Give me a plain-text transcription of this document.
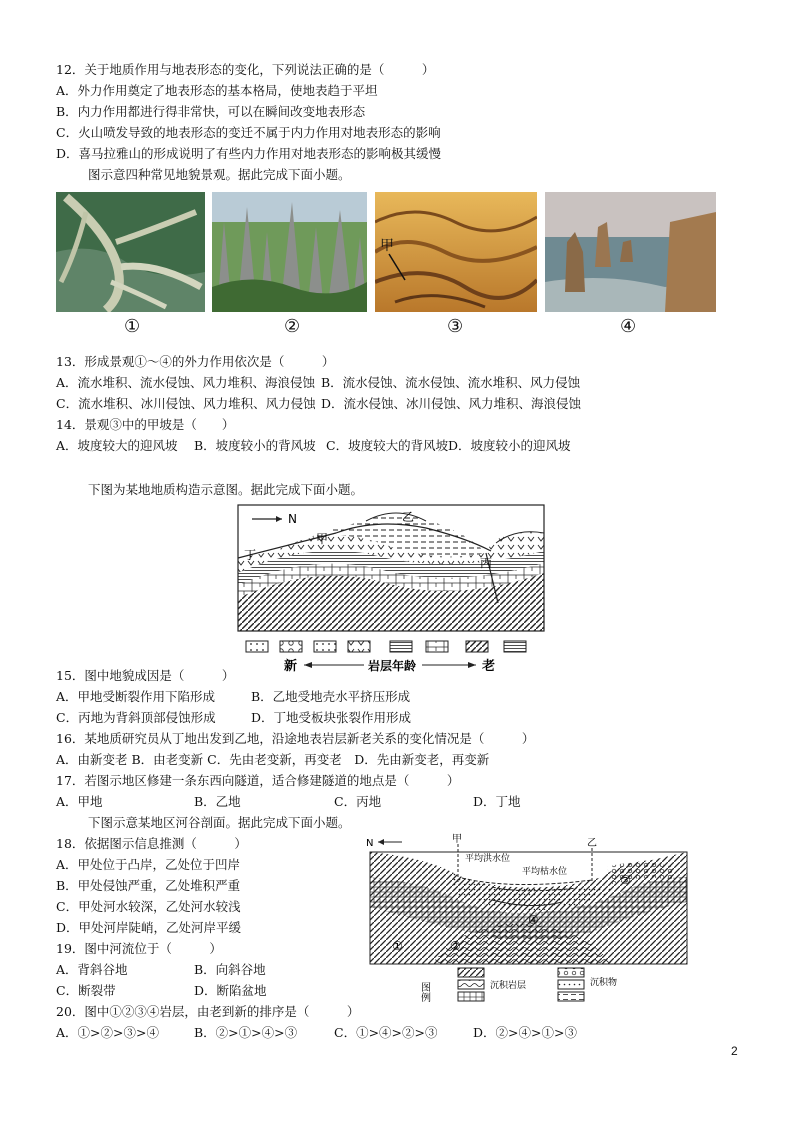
12．关于地质作用与地表形态的变化，下列说法正确的是（　　　）
A．外力作用奠定了地表形态的基本格局，使地表趋于平坦
B．内力作用都进行得非常快，可以在瞬间改变地表形态
C．火山喷发导致的地表形态的变迁不属于内力作用对地表形态的影响
D．喜马拉雅山的形成说明了有些内力作用对地表形态的影响极其缓慢
图示意四种常见地貌景观。据此完成下面小题。
甲
①	②	③	④
13．形成景观①～④的外力作用依次是（　　　）
A．流水堆积、流水侵蚀、风力堆积、海浪侵蚀 B．流水侵蚀、流水侵蚀、流水堆积、风力侵蚀
C．流水堆积、冰川侵蚀、风力堆积、风力侵蚀 D．流水侵蚀、冰川侵蚀、风力堆积、海浪侵蚀
14．景观③中的甲坡是（　　）
A．坡度较大的迎风坡 B．坡度较小的背风坡 C．坡度较大的背风坡 D．坡度较小的迎风坡
下图为某地地质构造示意图。据此完成下面小题。
N
甲
乙
丙
丁
新	岩层年龄	老
15．图中地貌成因是（　　　）
A．甲地受断裂作用下陷形成	B．乙地受地壳水平挤压形成
C．丙地为背斜顶部侵蚀形成	D．丁地受板块张裂作用形成
16．某地质研究员从丁地出发到乙地，沿途地表岩层新老关系的变化情况是（　　　）
A．由新变老 B．由老变新 C．先由老变新，再变老　D．先由新变老，再变新
17．若图示地区修建一条东西向隧道，适合修建隧道的地点是（　　　）
A．甲地	B．乙地	C．丙地	D．丁地
下图示意某地区河谷剖面。据此完成下面小题。
18．依据图示信息推测（　　　）
A．甲处位于凸岸，乙处位于凹岸
B．甲处侵蚀严重，乙处堆积严重
C．甲处河水较深，乙处河水较浅
D．甲处河岸陡峭，乙处河岸平缓
19．图中河流位于（　　　）
A．背斜谷地	B．向斜谷地
C．断裂带	D．断陷盆地
N	甲	乙
平均洪水位
平均枯水位
①	②
③
④
图例	沉积岩层	沉积物
20．图中①②③④岩层，由老到新的排序是（　　　）
A．①>②>③>④	B．②>①>④>③	C．①>④>②>③	D．②>④>①>③
2
